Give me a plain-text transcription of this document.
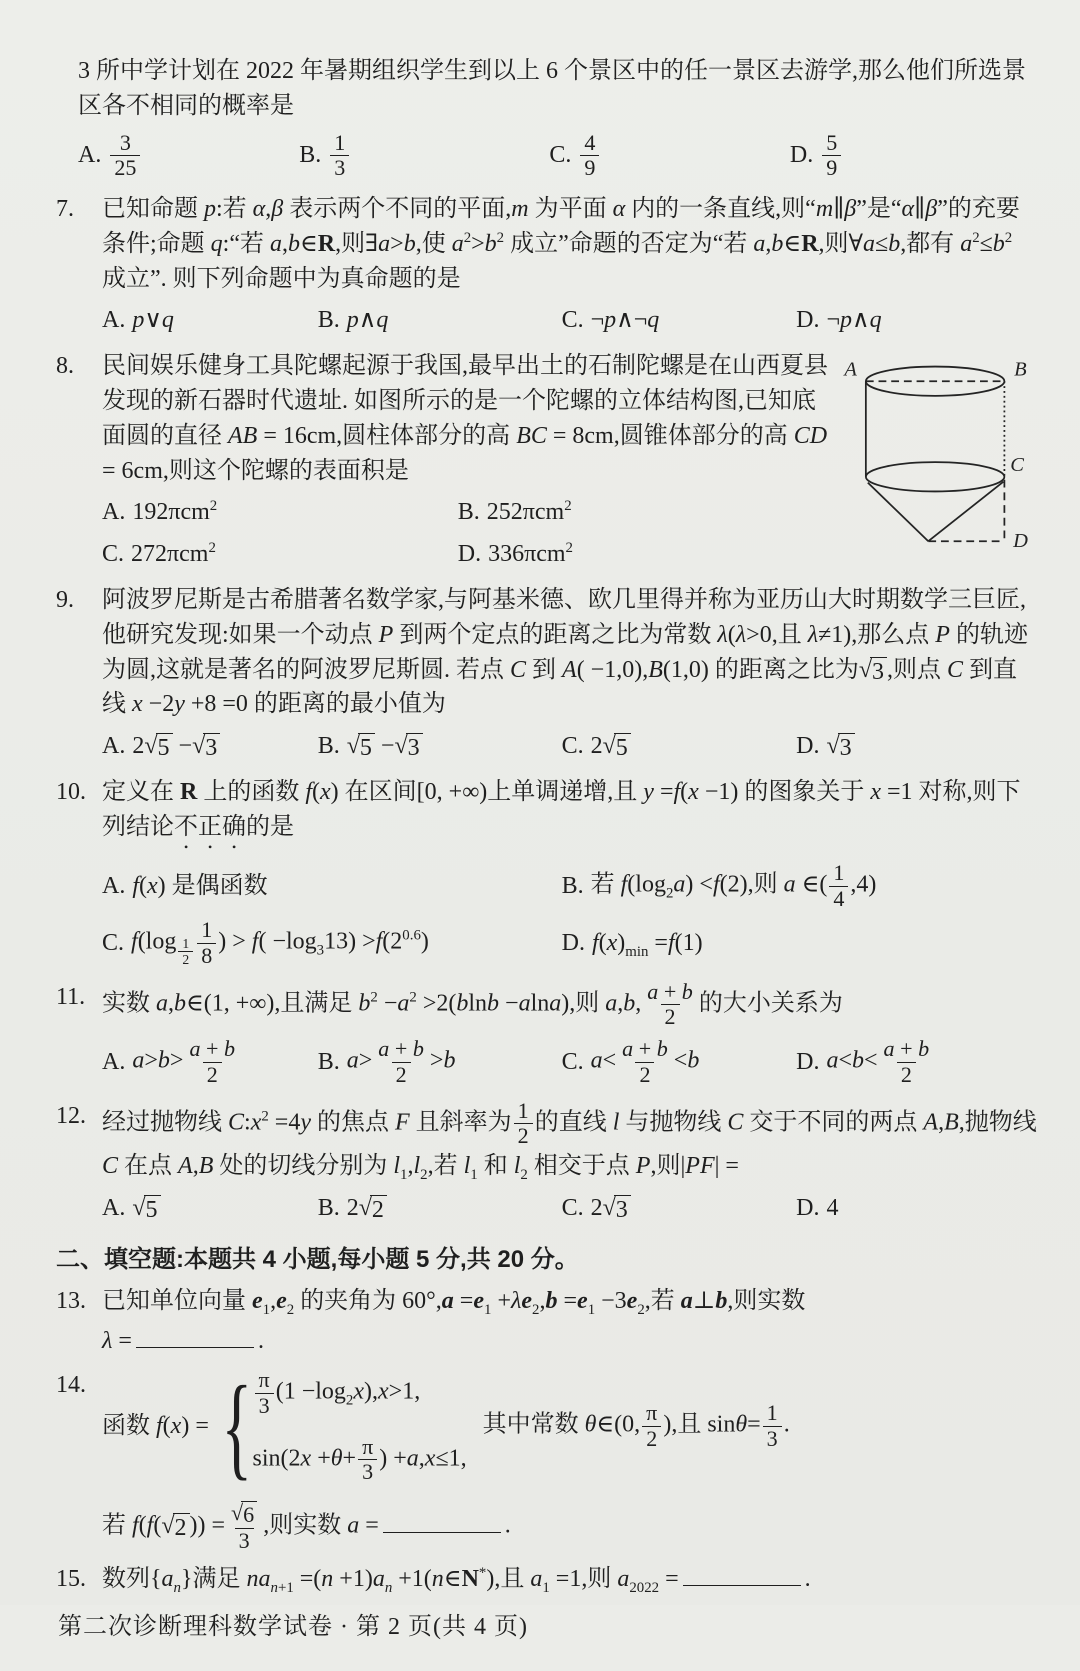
3 所中学计划在 2022 年暑期组织学生到以上 6 个景区中的任一景区去游学,那么他们所选景区各不相同的概率是
A. $\frac{3}{25}$	B. $\frac{1}{3}$	C. $\frac{4}{9}$	D. $\frac{5}{9}$
7.	已知命题 p:若 α,β 表示两个不同的平面,m 为平面 α 内的一条直线,则“m∥β”是“α∥β”的充要条件;命题 q:“若 a,b∈R,则∃a>b,使 $a^2>b^2$ 成立”命题的否定为“若 a,b∈R,则∀a≤b,都有 $a^2\le b^2$ 成立”. 则下列命题中为真命题的是
A. p∨q	B. p∧q	C. ¬p∧¬q	D. ¬p∧q
8.	A	B
C
D
民间娱乐健身工具陀螺起源于我国,最早出土的石制陀螺是在山西夏县发现的新石器时代遗址. 如图所示的是一个陀螺的立体结构图,已知底面圆的直径 AB = 16cm,圆柱体部分的高 BC = 8cm,圆锥体部分的高 CD = 6cm,则这个陀螺的表面积是
A. 192πcm$^2$	B. 252πcm$^2$
C. 272πcm$^2$	D. 336πcm$^2$
9.	阿波罗尼斯是古希腊著名数学家,与阿基米德、欧几里得并称为亚历山大时期数学三巨匠,他研究发现:如果一个动点 P 到两个定点的距离之比为常数 λ(λ>0,且 λ≠1),那么点 P 的轨迹为圆,这就是著名的阿波罗尼斯圆. 若点 C 到 A( −1,0),B(1,0) 的距离之比为 √ 3 ,则点 C 到直线 x −2y +8 =0 的距离的最小值为
A. 2 √ 5 − √ 3	B. √ 5 − √ 3	C. 2 √ 5	D. √ 3
10. 定义在 R 上的函数 f(x) 在区间[0, +∞)上单调递增,且 y =f(x −1) 的图象关于 x =1 对称,则下列结论不正确的是
A. f(x) 是偶函数	B. 若 $f(\log_2a) <f(2)$,则 a ∈( $\frac{1}{4} ,4$)
C. f(log $_{\frac{1}{2}} \frac{1}{8}$ ) > $f( -\log_313) >f(2^{0.6})$	D. $f(x)_{min} =f(1)$
11. 实数 a,b∈(1, +∞),且满足 $b^2 -a^2 >2(blnb -alna)$,则 a,b, $\frac{a + b}{2}$ 的大小关系为
A. $a>b> \frac{a + b}{2}$	B. $a> \frac{a + b}{2} >b$	C. $a< \frac{a + b}{2} <b$	D. $a<b< \frac{a + b}{2}$
12. 经过抛物线 $C:x^2 =4y$ 的焦点 F 且斜率为 $\frac{1}{2}$ 的直线 l 与抛物线 C 交于不同的两点 A,B,抛物线 C 在点 A,B 处的切线分别为 $l_1,l_2$,若 $l_1$ 和 $l_2$ 相交于点 P,则|PF| =
A. √ 5	B. 2 √ 2	C. 2 √ 3	D. 4
二、填空题:本题共 4 小题,每小题 5 分,共 20 分。
13. 已知单位向量 $e_1,e_2$ 的夹角为 $60^\circ,a =e_1 +\lambda e_2,b =e_1 -3e_2$,若 a⊥b,则实数
λ =	.
14.
函数 f(x) = { $\frac{\pi}{3} (1 -\log_2x),x>1$,
$\sin(2x +\theta+ \frac{\pi}{3}$ ) +a,x≤1,
其中常数 θ∈(0, $\frac{\pi}{2}$ ),且 $\sin\theta= \frac{1}{3}$ .
若 f(f( √ 2 )) = $\frac{√ 6}{3}$ ,则实数 a =	.
15. 数列$\{a_n\}$满足 $na_{n+1} =(n +1)a_n$ +1(n∈N*),且 $a_1 =1$,则 $a_{2022}$ =	.
第二次诊断理科数学试卷 · 第 2 页(共 4 页)
